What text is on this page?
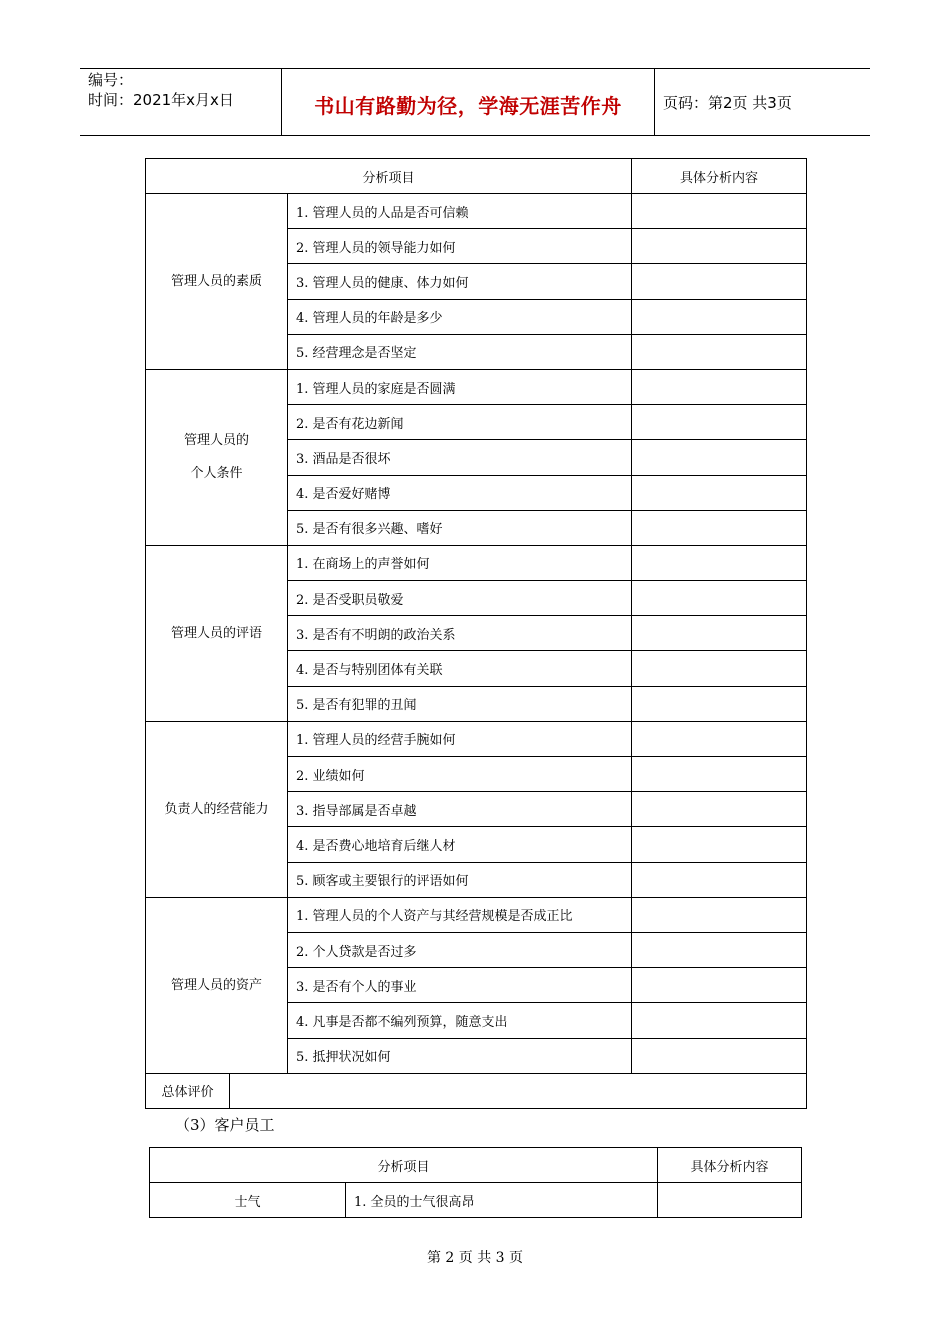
编号：
时间：2021年x月x日	书山有路勤为径，学海无涯苦作舟	页码：第2页 共3页
分析项目			具体分析内容

管理人员的素质		1. 管理人员的人品是否可信赖	
		2. 管理人员的领导能力如何	
		3. 管理人员的健康、体力如何	
		4. 管理人员的年龄是多少	
		5. 经营理念是否坚定	

管理人员的
个人条件		1. 管理人员的家庭是否圆满	
		2. 是否有花边新闻	
		3. 酒品是否很坏	
		4. 是否爱好赌博	
		5. 是否有很多兴趣、嗜好	

管理人员的评语		1. 在商场上的声誉如何	
		2. 是否受职员敬爱	
		3. 是否有不明朗的政治关系	
		4. 是否与特别团体有关联	
		5. 是否有犯罪的丑闻	

负责人的经营能力		1. 管理人员的经营手腕如何	
		2. 业绩如何	
		3. 指导部属是否卓越	
		4. 是否费心地培育后继人材	
		5. 顾客或主要银行的评语如何	

管理人员的资产		1. 管理人员的个人资产与其经营规模是否成正比	
		2. 个人贷款是否过多	
		3. 是否有个人的事业	
		4. 凡事是否都不编列预算，随意支出	
		5. 抵押状况如何	
总体评价			
（3）客户员工
分析项目		具体分析内容
士气	1. 全员的士气很高昂	
第 2 页 共 3 页
